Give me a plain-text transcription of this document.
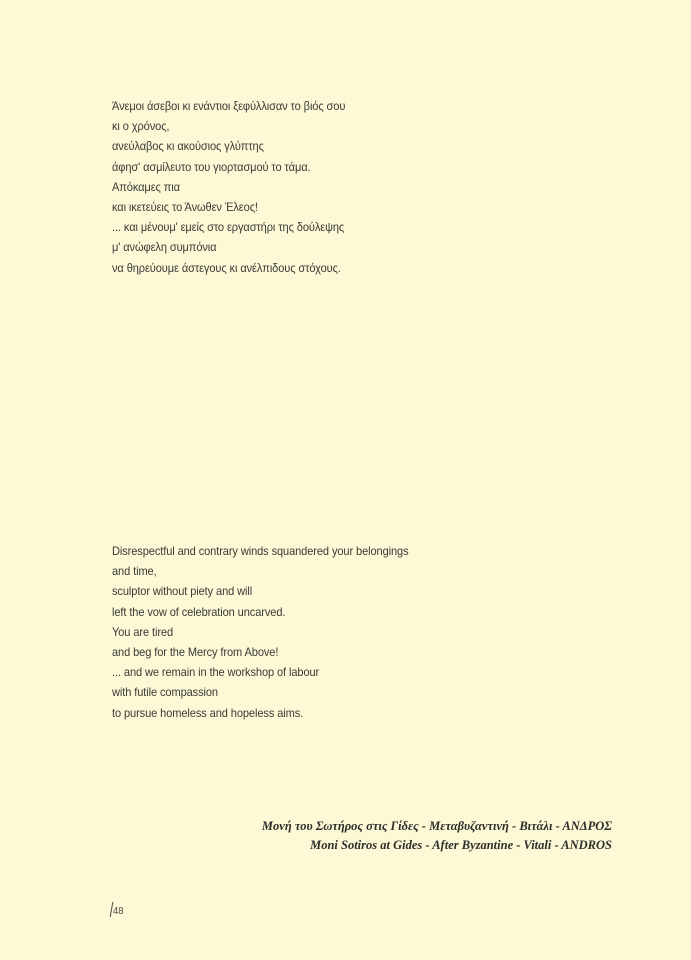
Άνεμοι άσεβοι κι ενάντιοι ξεφύλλισαν το βιός σου
κι ο χρόνος,
ανεύλαβος κι ακούσιος γλύπτης
άφησ' ασμίλευτο του γιορτασμού το τάμα.
Απόκαμες πια
και ικετεύεις το Άνωθεν Έλεος!
... και μένουμ' εμείς στο εργαστήρι της δούλεψης
μ' ανώφελη συμπόνια
να θηρεύουμε άστεγους κι ανέλπιδους στόχους.
Disrespectful and contrary winds squandered your belongings
and time,
sculptor without piety and will
left the vow of celebration uncarved.
You are tired
and beg for the Mercy from Above!
... and we remain in the workshop of labour
with futile compassion
to pursue homeless and hopeless aims.
Μονή του Σωτήρος στις Γίδες - Μεταβυζαντινή - Βιτάλι - ΑΝΔΡΟΣ
Moni Sotiros at Gides - After Byzantine - Vitali - ANDROS
48
